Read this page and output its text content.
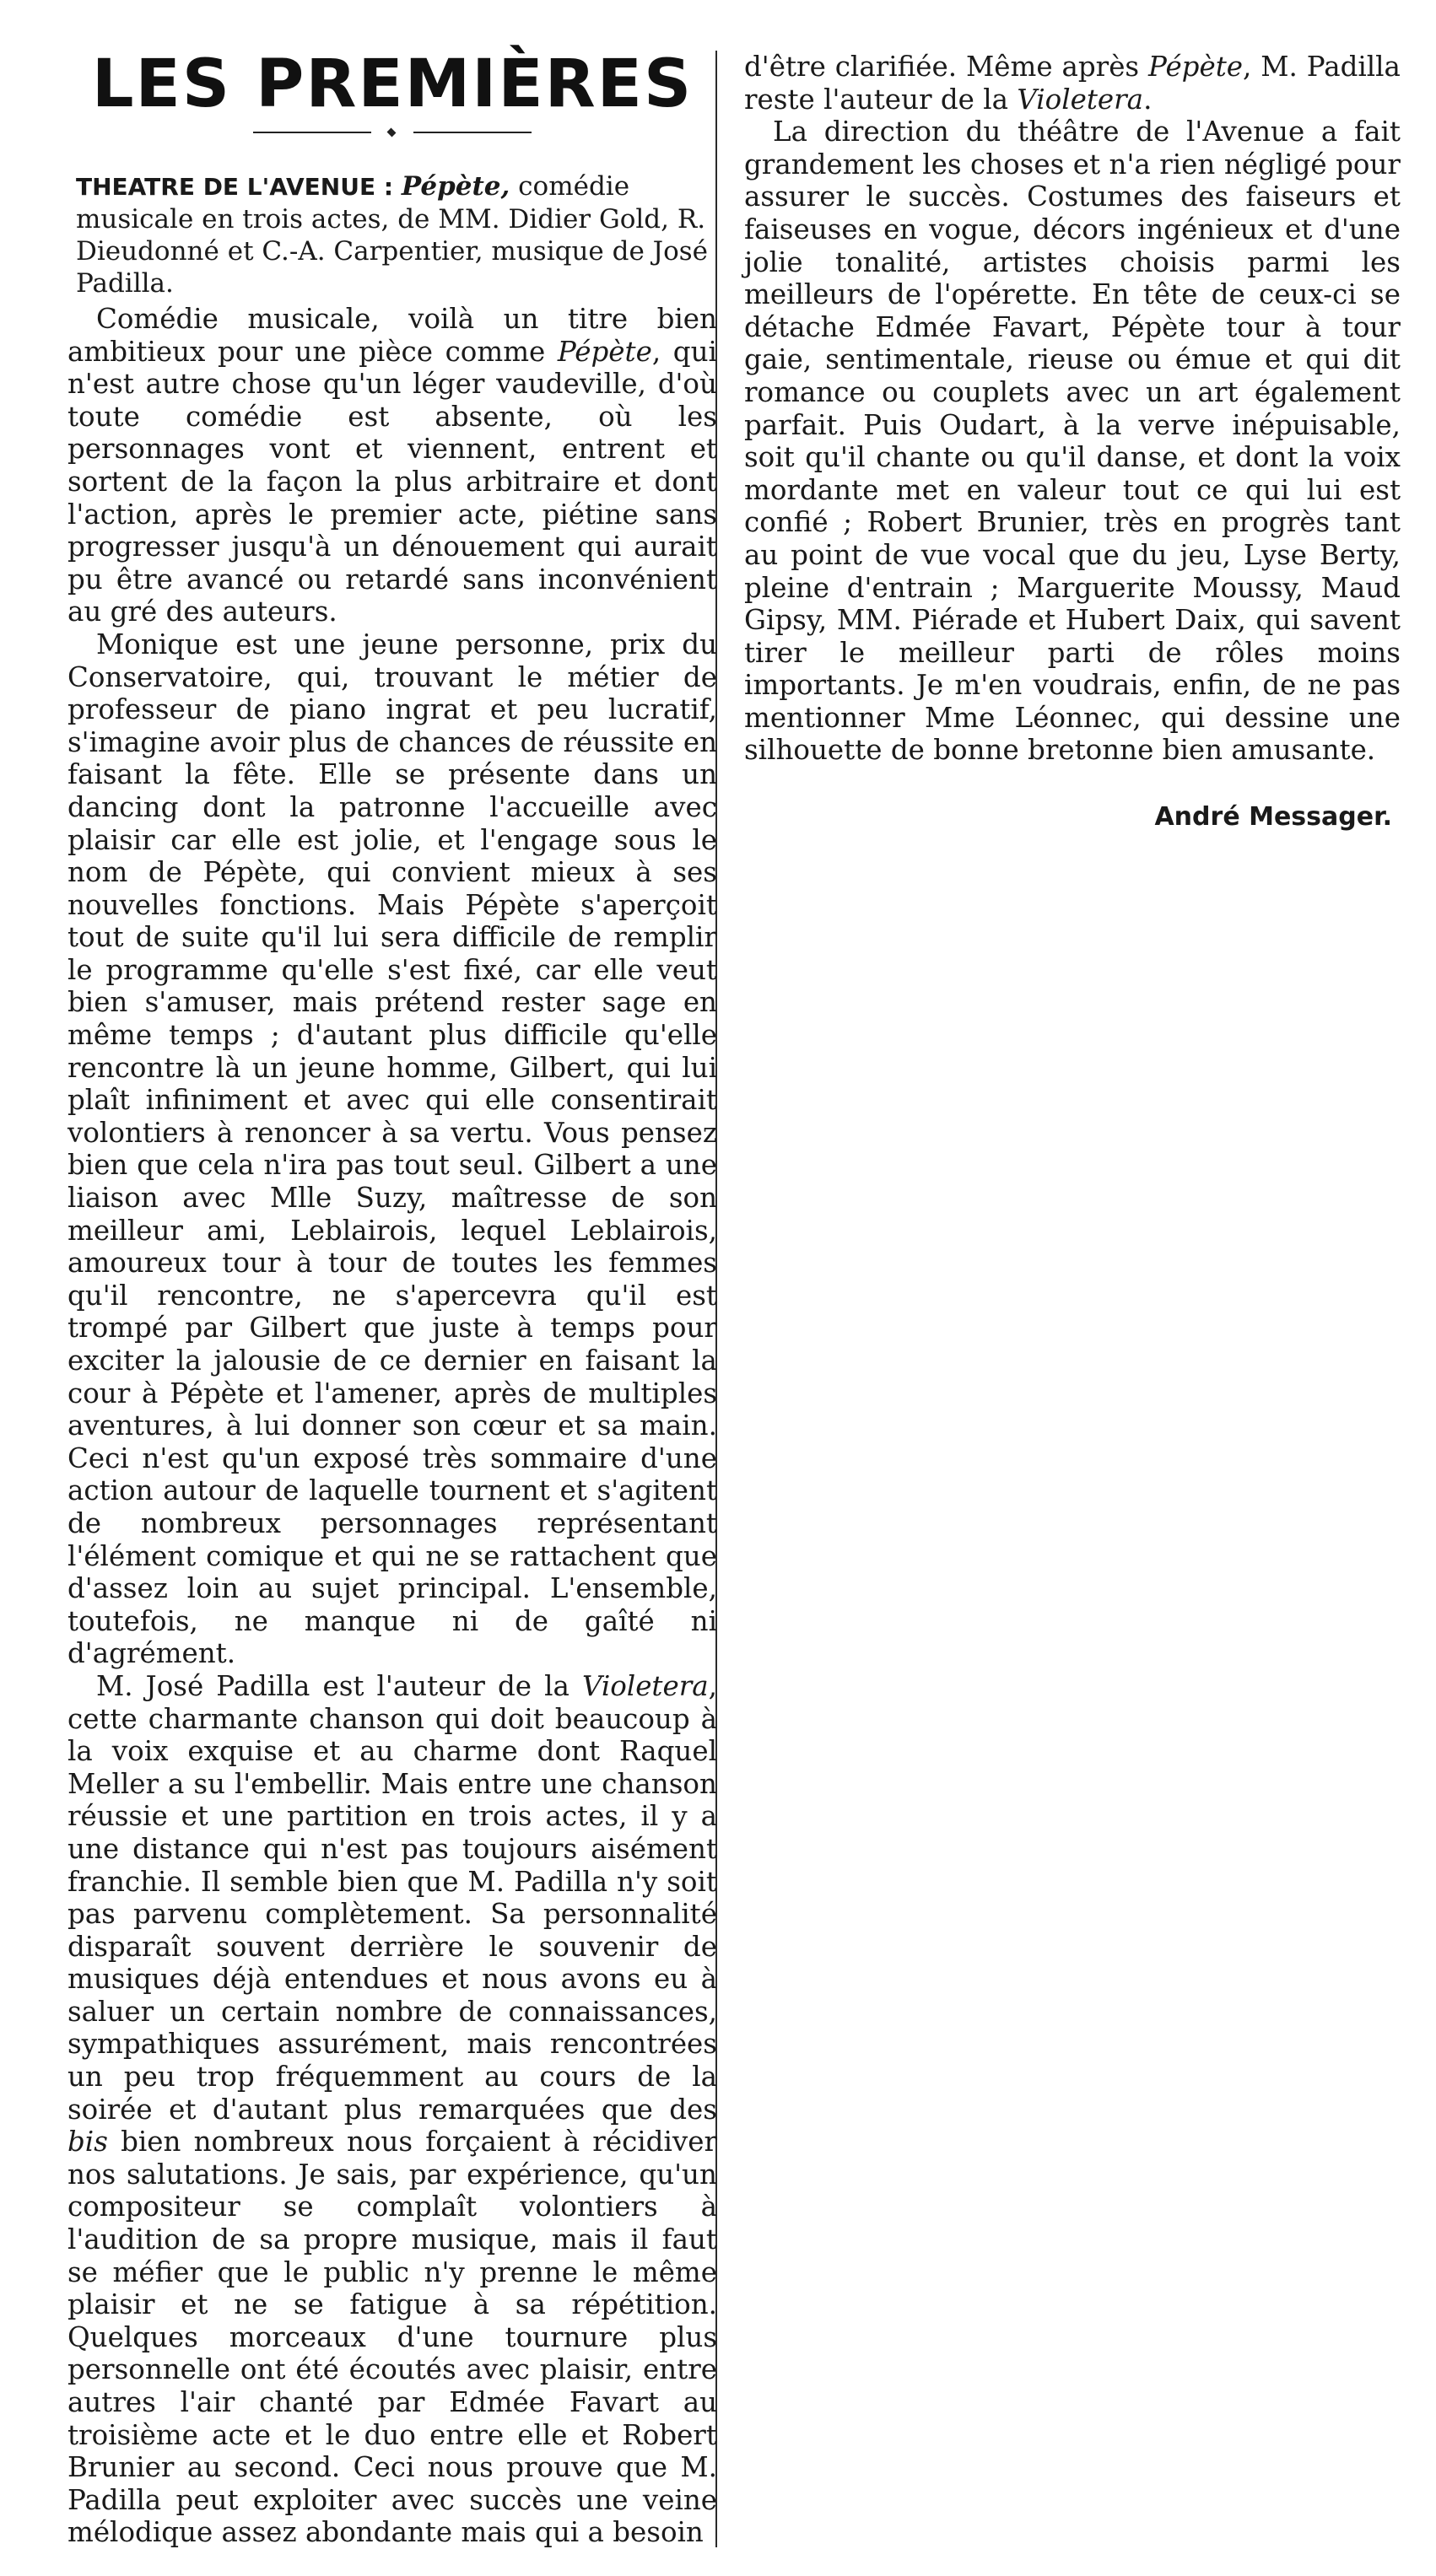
LES PREMIÈRES

THEATRE DE L'AVENUE : Pépète, comédie musicale en trois actes, de MM. Didier Gold, R. Dieudonné et C.-A. Carpentier, musique de José Padilla.

Comédie musicale, voilà un titre bien ambitieux pour une pièce comme Pépète, qui n'est autre chose qu'un léger vaudeville, d'où toute comédie est absente, où les personnages vont et viennent, entrent et sortent de la façon la plus arbitraire et dont l'action, après le premier acte, piétine sans progresser jusqu'à un dénouement qui aurait pu être avancé ou retardé sans inconvénient au gré des auteurs.

Monique est une jeune personne, prix du Conservatoire, qui, trouvant le métier de professeur de piano ingrat et peu lucratif, s'imagine avoir plus de chances de réussite en faisant la fête. Elle se présente dans un dancing dont la patronne l'accueille avec plaisir car elle est jolie, et l'engage sous le nom de Pépète, qui convient mieux à ses nouvelles fonctions. Mais Pépète s'aperçoit tout de suite qu'il lui sera difficile de remplir le programme qu'elle s'est fixé, car elle veut bien s'amuser, mais prétend rester sage en même temps ; d'autant plus difficile qu'elle rencontre là un jeune homme, Gilbert, qui lui plaît infiniment et avec qui elle consentirait volontiers à renoncer à sa vertu. Vous pensez bien que cela n'ira pas tout seul. Gilbert a une liaison avec Mlle Suzy, maîtresse de son meilleur ami, Leblairois, lequel Leblairois, amoureux tour à tour de toutes les femmes qu'il rencontre, ne s'apercevra qu'il est trompé par Gilbert que juste à temps pour exciter la jalousie de ce dernier en faisant la cour à Pépète et l'amener, après de multiples aventures, à lui donner son cœur et sa main. Ceci n'est qu'un exposé très sommaire d'une action autour de laquelle tournent et s'agitent de nombreux personnages représentant l'élément comique et qui ne se rattachent que d'assez loin au sujet principal. L'ensemble, toutefois, ne manque ni de gaîté ni d'agrément.

M. José Padilla est l'auteur de la Violetera, cette charmante chanson qui doit beaucoup à la voix exquise et au charme dont Raquel Meller a su l'embellir. Mais entre une chanson réussie et une partition en trois actes, il y a une distance qui n'est pas toujours aisément franchie. Il semble bien que M. Padilla n'y soit pas parvenu complètement. Sa personnalité disparaît souvent derrière le souvenir de musiques déjà entendues et nous avons eu à saluer un certain nombre de connaissances, sympathiques assurément, mais rencontrées un peu trop fréquemment au cours de la soirée et d'autant plus remarquées que des bis bien nombreux nous forçaient à récidiver nos salutations. Je sais, par expérience, qu'un compositeur se complaît volontiers à l'audition de sa propre musique, mais il faut se méfier que le public n'y prenne le même plaisir et ne se fatigue à sa répétition. Quelques morceaux d'une tournure plus personnelle ont été écoutés avec plaisir, entre autres l'air chanté par Edmée Favart au troisième acte et le duo entre elle et Robert Brunier au second. Ceci nous prouve que M. Padilla peut exploiter avec succès une veine mélodique assez abondante mais qui a besoin

d'être clarifiée. Même après Pépète, M. Padilla reste l'auteur de la Violetera.

La direction du théâtre de l'Avenue a fait grandement les choses et n'a rien négligé pour assurer le succès. Costumes des faiseurs et faiseuses en vogue, décors ingénieux et d'une jolie tonalité, artistes choisis parmi les meilleurs de l'opérette. En tête de ceux-ci se détache Edmée Favart, Pépète tour à tour gaie, sentimentale, rieuse ou émue et qui dit romance ou couplets avec un art également parfait. Puis Oudart, à la verve inépuisable, soit qu'il chante ou qu'il danse, et dont la voix mordante met en valeur tout ce qui lui est confié ; Robert Brunier, très en progrès tant au point de vue vocal que du jeu, Lyse Berty, pleine d'entrain ; Marguerite Moussy, Maud Gipsy, MM. Piérade et Hubert Daix, qui savent tirer le meilleur parti de rôles moins importants. Je m'en voudrais, enfin, de ne pas mentionner Mme Léonnec, qui dessine une silhouette de bonne bretonne bien amusante.

André Messager.
